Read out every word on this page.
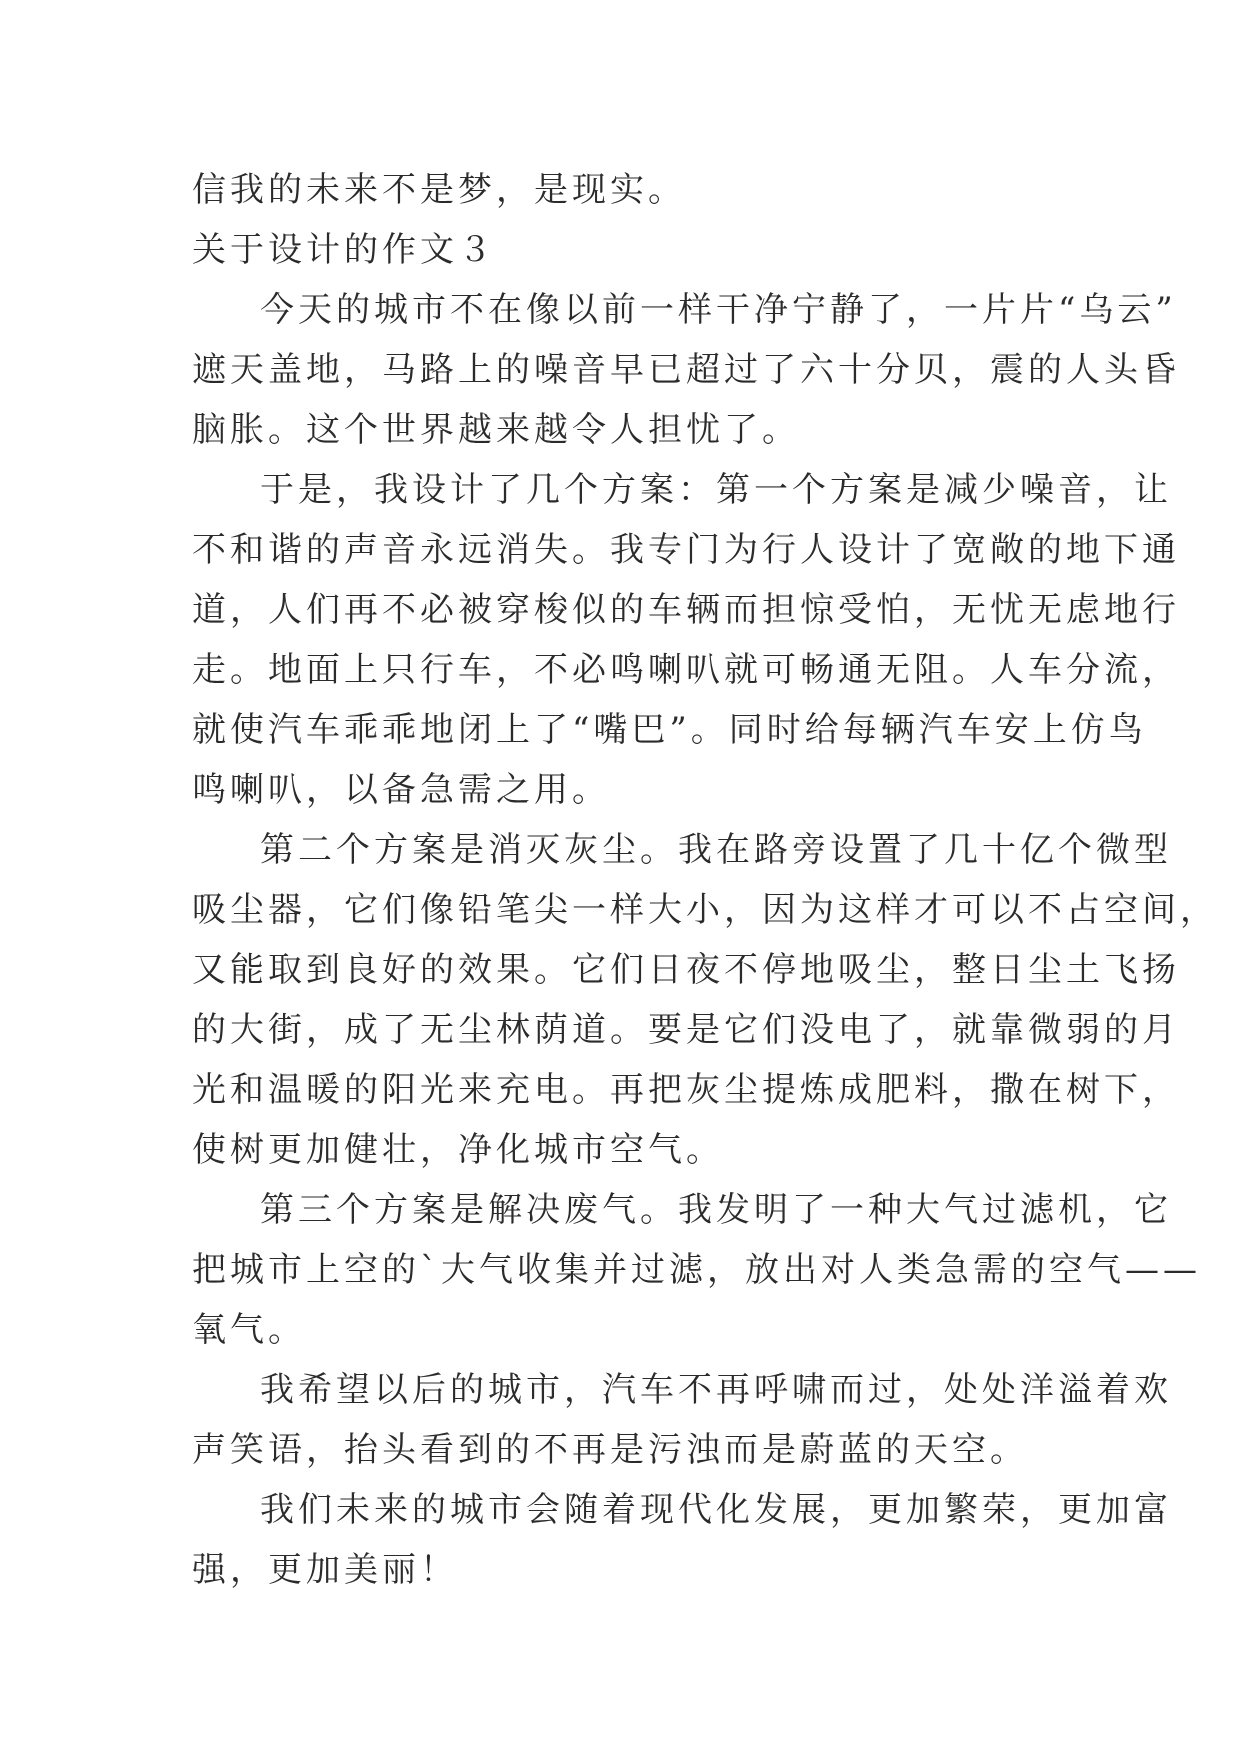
信我的未来不是梦，是现实。
关于设计的作文３
今天的城市不在像以前一样干净宁静了，一片片“乌云”
遮天盖地，马路上的噪音早已超过了六十分贝，震的人头昏
脑胀。这个世界越来越令人担忧了。
于是，我设计了几个方案：第一个方案是减少噪音，让
不和谐的声音永远消失。我专门为行人设计了宽敞的地下通
道，人们再不必被穿梭似的车辆而担惊受怕，无忧无虑地行
走。地面上只行车，不必鸣喇叭就可畅通无阻。人车分流，
就使汽车乖乖地闭上了“嘴巴”。同时给每辆汽车安上仿鸟
鸣喇叭，以备急需之用。
第二个方案是消灭灰尘。我在路旁设置了几十亿个微型
吸尘器，它们像铅笔尖一样大小，因为这样才可以不占空间，
又能取到良好的效果。它们日夜不停地吸尘，整日尘土飞扬
的大街，成了无尘林荫道。要是它们没电了，就靠微弱的月
光和温暖的阳光来充电。再把灰尘提炼成肥料，撒在树下，
使树更加健壮，净化城市空气。
第三个方案是解决废气。我发明了一种大气过滤机，它
把城市上空的`大气收集并过滤，放出对人类急需的空气——
氧气。
我希望以后的城市，汽车不再呼啸而过，处处洋溢着欢
声笑语，抬头看到的不再是污浊而是蔚蓝的天空。
我们未来的城市会随着现代化发展，更加繁荣，更加富
强，更加美丽！
